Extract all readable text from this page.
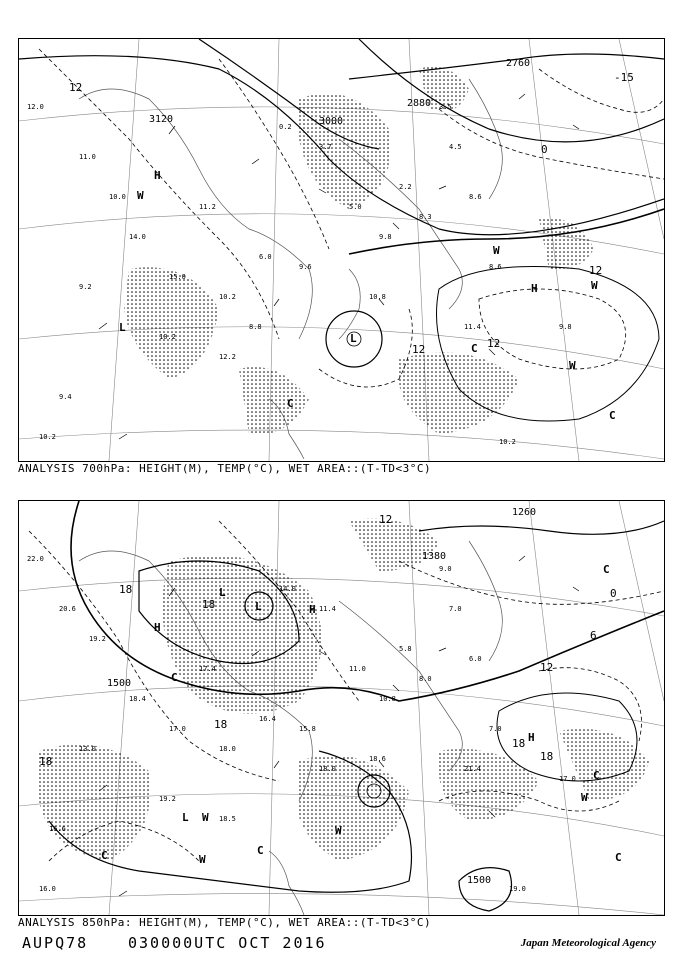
12.0
11.0
10.0
14.0
15.0
10.2
6.0
9.6
5.0
9.8
8.3
4.5
3.5
8.6
8.6
2.2
3.7
0.2
11.2
10.2
9.4
10.2
12.2
10.8
11.4	9.8
10.2
8.8
9.2
3120	3000
2880
2760
12
0
-15
12
12
12
H
L
L
H
C
C
W
W
W
W
C
ANALYSIS 700hPa: HEIGHT(M), TEMP(°C), WET AREA::(T-TD<3°C)
22.0
20.6
19.2
18.4
17.0
18.0
16.4
15.8
11.0
10.8
8.0
7.0
9.0
6.0
7.0
5.8
11.4
14.0
17.4
19.2
16.6
16.0
18.5
18.6
21.4
17.0
19.0
18.0
13.0
1500
1380
1500
1260
18
18
12
0
6
12
18
18
18
18
L
H
L	H
C
L W
C	C
W
W
H
C
W
C
C
ANALYSIS 850hPa: HEIGHT(M), TEMP(°C), WET AREA::(T-TD<3°C)
AUPQ78	030000UTC OCT 2016	Japan Meteorological Agency
